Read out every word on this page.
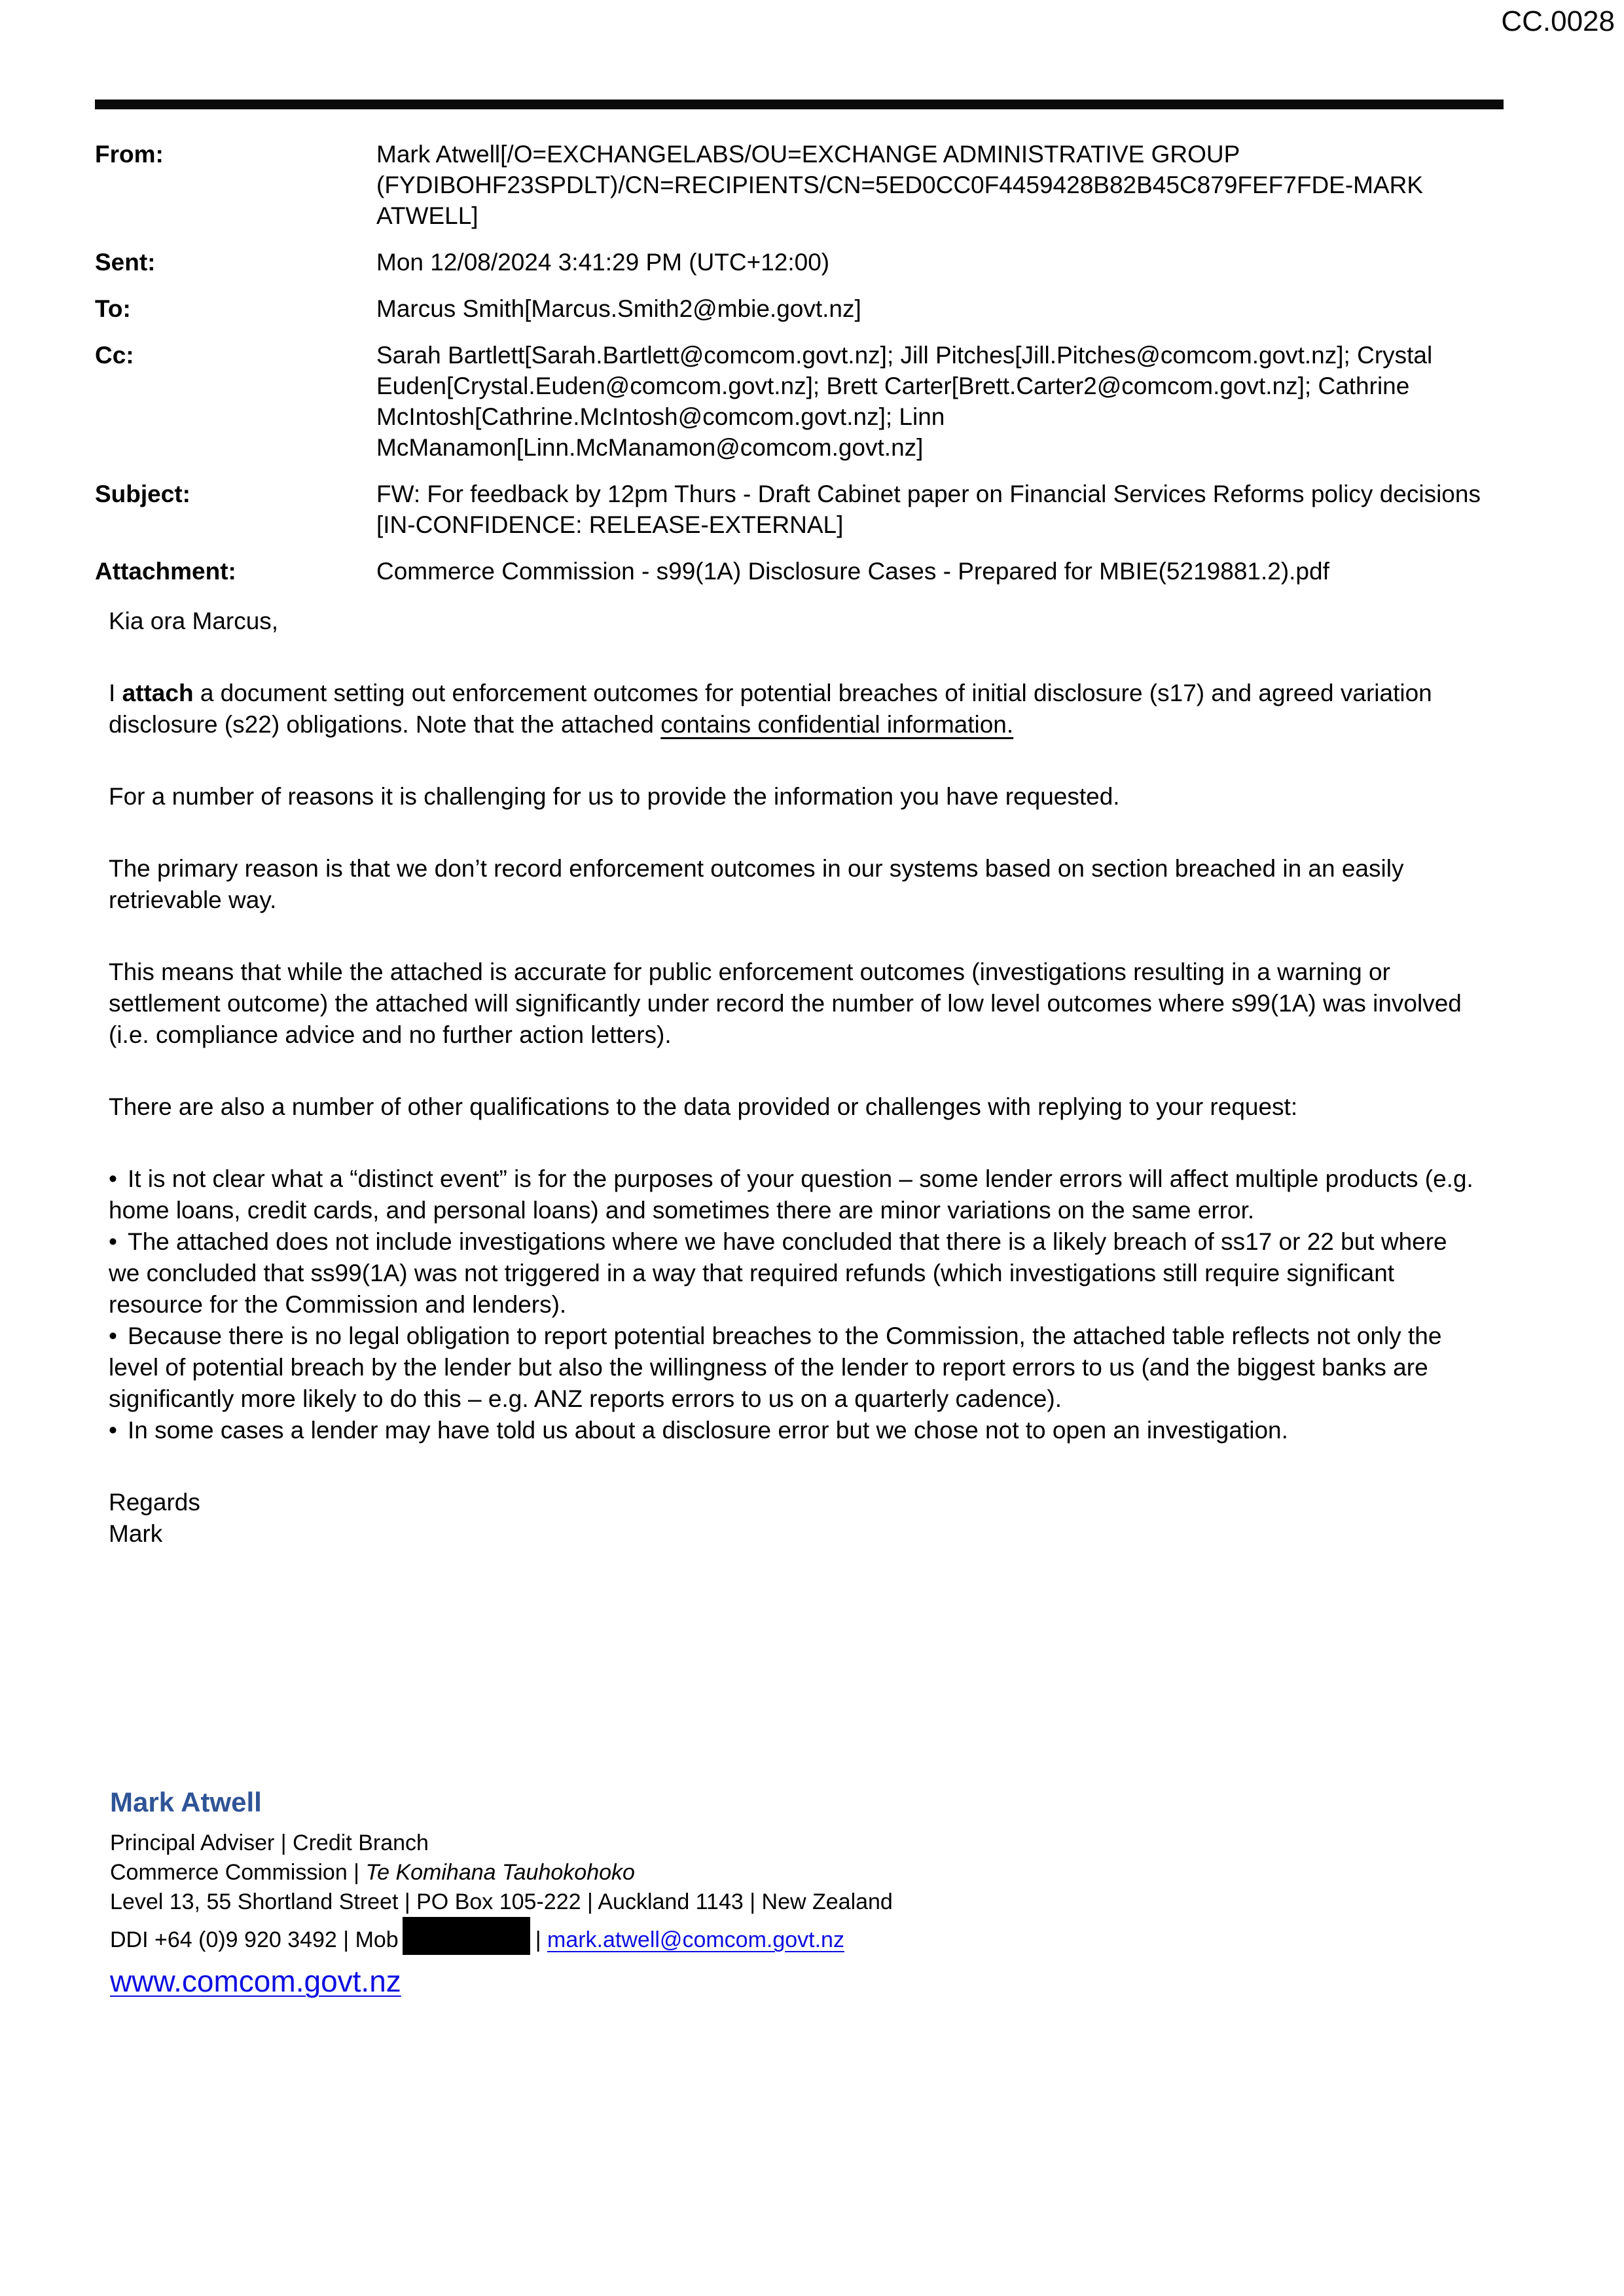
CC.0028
From:	Mark Atwell[/O=EXCHANGELABS/OU=EXCHANGE ADMINISTRATIVE GROUP (FYDIBOHF23SPDLT)/CN=RECIPIENTS/CN=5ED0CC0F4459428B82B45C879FEF7FDE-MARK ATWELL]
Sent:	Mon 12/08/2024 3:41:29 PM (UTC+12:00)
To:	Marcus Smith[Marcus.Smith2@mbie.govt.nz]
Cc:	Sarah Bartlett[Sarah.Bartlett@comcom.govt.nz]; Jill Pitches[Jill.Pitches@comcom.govt.nz]; Crystal Euden[Crystal.Euden@comcom.govt.nz]; Brett Carter[Brett.Carter2@comcom.govt.nz]; Cathrine McIntosh[Cathrine.McIntosh@comcom.govt.nz]; Linn McManamon[Linn.McManamon@comcom.govt.nz]
Subject:	FW: For feedback by 12pm Thurs - Draft Cabinet paper on Financial Services Reforms policy decisions [IN-CONFIDENCE: RELEASE-EXTERNAL]
Attachment:	Commerce Commission - s99(1A) Disclosure Cases - Prepared for MBIE(5219881.2).pdf

Kia ora Marcus,

I attach a document setting out enforcement outcomes for potential breaches of initial disclosure (s17) and agreed variation disclosure (s22) obligations. Note that the attached contains confidential information.

For a number of reasons it is challenging for us to provide the information you have requested.

The primary reason is that we don’t record enforcement outcomes in our systems based on section breached in an easily retrievable way.

This means that while the attached is accurate for public enforcement outcomes (investigations resulting in a warning or settlement outcome) the attached will significantly under record the number of low level outcomes where s99(1A) was involved (i.e. compliance advice and no further action letters).

There are also a number of other qualifications to the data provided or challenges with replying to your request:

• It is not clear what a “distinct event” is for the purposes of your question – some lender errors will affect multiple products (e.g. home loans, credit cards, and personal loans) and sometimes there are minor variations on the same error.

• The attached does not include investigations where we have concluded that there is a likely breach of ss17 or 22 but where we concluded that ss99(1A) was not triggered in a way that required refunds (which investigations still require significant resource for the Commission and lenders).

• Because there is no legal obligation to report potential breaches to the Commission, the attached table reflects not only the level of potential breach by the lender but also the willingness of the lender to report errors to us (and the biggest banks are significantly more likely to do this – e.g. ANZ reports errors to us on a quarterly cadence).

• In some cases a lender may have told us about a disclosure error but we chose not to open an investigation.

Regards
Mark
Mark Atwell
Principal Adviser | Credit Branch
Commerce Commission | Te Komihana Tauhokohoko
Level 13, 55 Shortland Street | PO Box 105-222 | Auckland 1143 | New Zealand
DDI +64 (0)9 920 3492 | Mob	| mark.atwell@comcom.govt.nz
www.comcom.govt.nz
